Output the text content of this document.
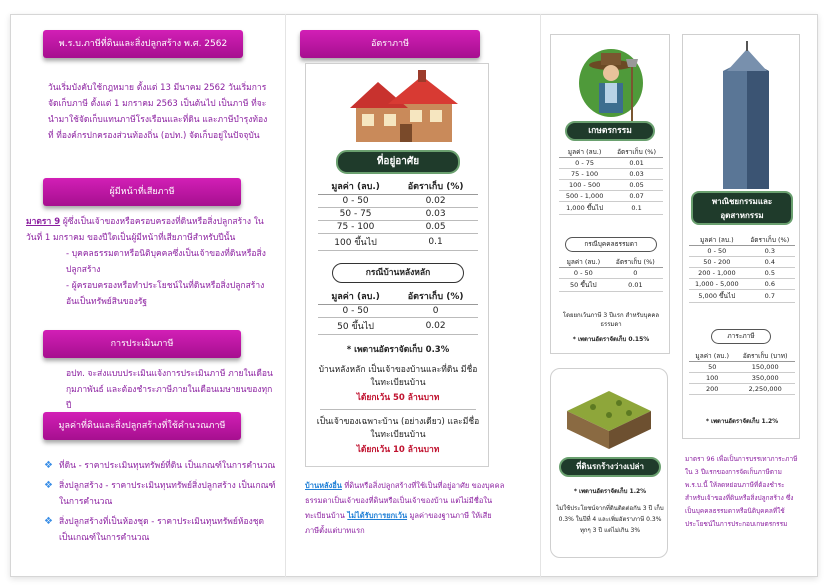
พ.ร.บ.ภาษีที่ดินและสิ่งปลูกสร้าง พ.ศ. 2562

วันเริ่มบังคับใช้กฎหมาย ตั้งแต่ 13 มีนาคม 2562 วันเริ่มการจัดเก็บภาษี ตั้งแต่ 1 มกราคม 2563 เป็นต้นไป เป็นภาษี ที่จะนำมาใช้จัดเก็บแทนภาษีโรงเรือนและที่ดิน และภาษีบำรุงท้องที่ ที่องค์กรปกครองส่วนท้องถิ่น (อปท.) จัดเก็บอยู่ในปัจจุบัน

ผู้มีหน้าที่เสียภาษี

มาตรา 9 ผู้ซึ่งเป็นเจ้าของหรือครอบครองที่ดินหรือสิ่งปลูกสร้าง ในวันที่ 1 มกราคม ของปีใดเป็นผู้มีหน้าที่เสียภาษีสำหรับปีนั้น

- บุคคลธรรมดาหรือนิติบุคคลซึ่งเป็นเจ้าของที่ดินหรือสิ่งปลูกสร้าง

- ผู้ครอบครองหรือทำประโยชน์ในที่ดินหรือสิ่งปลูกสร้าง อันเป็นทรัพย์สินของรัฐ

การประเมินภาษี

อปท. จะส่งแบบประเมินแจ้งการประเมินภาษี ภายในเดือนกุมภาพันธ์ และต้องชำระภาษีภายในเดือนเมษายนของทุกปี

มูลค่าที่ดินและสิ่งปลูกสร้างที่ใช้คำนวณภาษี
❖ ที่ดิน - ราคาประเมินทุนทรัพย์ที่ดิน เป็นเกณฑ์ในการคำนวณ
❖ สิ่งปลูกสร้าง - ราคาประเมินทุนทรัพย์สิ่งปลูกสร้าง เป็นเกณฑ์ในการคำนวณ
❖ สิ่งปลูกสร้างที่เป็นห้องชุด - ราคาประเมินทุนทรัพย์ห้องชุด เป็นเกณฑ์ในการคำนวณ
อัตราภาษี
ที่อยู่อาศัย
มูลค่า (ลบ.)	อัตราเก็บ (%)
0 - 50	0.02
50 - 75	0.03
75 - 100	0.05
100 ขึ้นไป	0.1
กรณีบ้านหลังหลัก
มูลค่า (ลบ.)	อัตราเก็บ (%)
0 - 50	0
50 ขึ้นไป	0.02
* เพดานอัตราจัดเก็บ 0.3%
บ้านหลังหลัก เป็นเจ้าของบ้านและที่ดิน มีชื่อในทะเบียนบ้าน
ได้ยกเว้น 50 ล้านบาท
เป็นเจ้าของเฉพาะบ้าน (อย่างเดียว) และมีชื่อในทะเบียนบ้าน
ได้ยกเว้น 10 ล้านบาท

บ้านหลังอื่น ที่ดินหรือสิ่งปลูกสร้างที่ใช้เป็นที่อยู่อาศัย ของบุคคลธรรมดาเป็นเจ้าของที่ดินหรือเป็นเจ้าของบ้าน แต่ไม่มีชื่อในทะเบียนบ้าน ไม่ได้รับการยกเว้น มูลค่าของฐานภาษี ให้เสียภาษีตั้งแต่บาทแรก

เกษตรกรรม
มูลค่า (ลบ.)	อัตราเก็บ (%)
0 - 75	0.01
75 - 100	0.03
100 - 500	0.05
500 - 1,000	0.07
1,000 ขึ้นไป	0.1
กรณีบุคคลธรรมดา
มูลค่า (ลบ.)	อัตราเก็บ (%)
0 - 50	0
50 ขึ้นไป	0.01
โดยยกเว้นภาษี 3 ปีแรก สำหรับบุคคลธรรมดา
* เพดานอัตราจัดเก็บ 0.15%
ที่ดินรกร้างว่างเปล่า
* เพดานอัตราจัดเก็บ 1.2%
ไม่ใช้ประโยชน์จากที่ดินติดต่อกัน 3 ปี เก็บ 0.3% ในปีที่ 4 และเพิ่มอัตราภาษี 0.3% ทุกๆ 3 ปี แต่ไม่เกิน 3%
พาณิชยกรรมและอุตสาหกรรม
มูลค่า (ลบ.)	อัตราเก็บ (%)
0 - 50	0.3
50 - 200	0.4
200 - 1,000	0.5
1,000 - 5,000	0.6
5,000 ขึ้นไป	0.7
ภาระภาษี
มูลค่า (ลบ.)	อัตราเก็บ (บาท)
50	150,000
100	350,000
200	2,250,000
* เพดานอัตราจัดเก็บ 1.2%
มาตรา 96 เพื่อเป็นการบรรเทาภาระภาษี ใน 3 ปีแรกของการจัดเก็บภาษีตาม พ.ร.บ.นี้ ให้ลดหย่อนภาษีที่ต้องชำระสำหรับเจ้าของที่ดินหรือสิ่งปลูกสร้าง ซึ่งเป็นบุคคลธรรมดาหรือนิติบุคคลที่ใช้ประโยชน์ในการประกอบเกษตรกรรม
